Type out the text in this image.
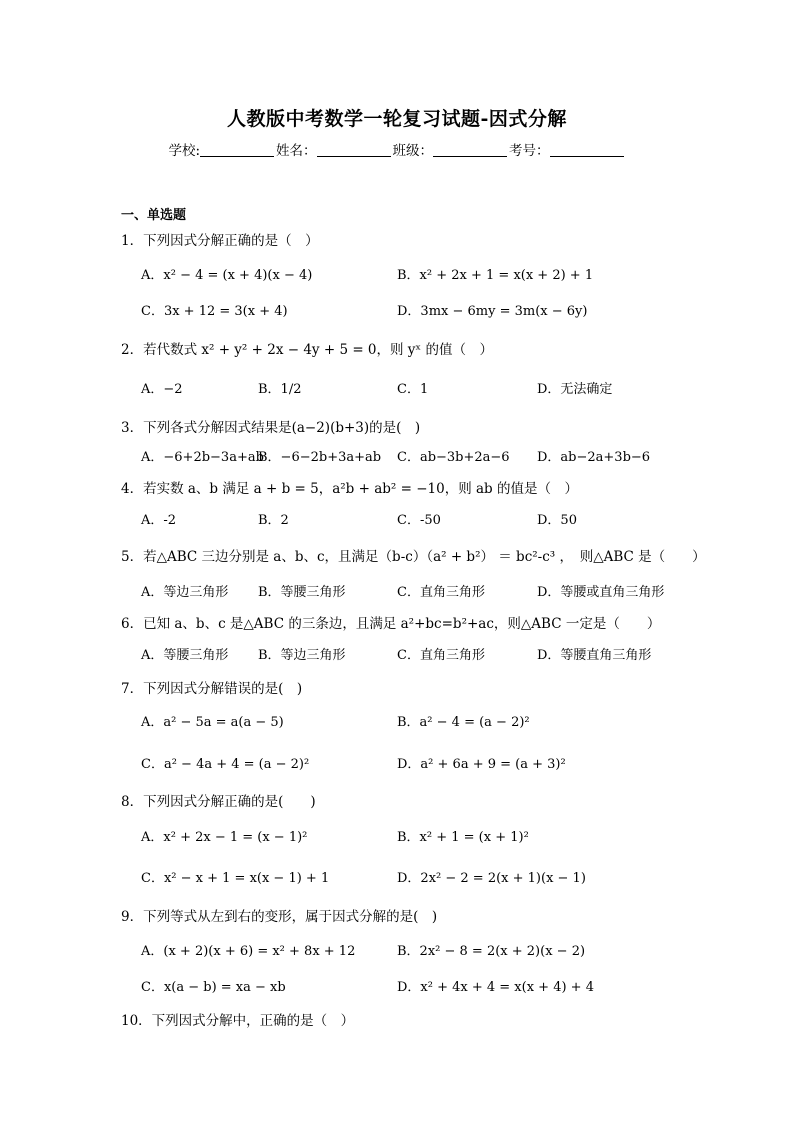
人教版中考数学一轮复习试题-因式分解
学校:	姓名：	班级：	考号：
一、单选题
1．下列因式分解正确的是（　）
A．x² − 4 = (x + 4)(x − 4)	B．x² + 2x + 1 = x(x + 2) + 1
C．3x + 12 = 3(x + 4)	D．3mx − 6my = 3m(x − 6y)
2．若代数式 x² + y² + 2x − 4y + 5 = 0，则 yˣ 的值（　）
A．−2	B．1/2	C．1	D．无法确定
3．下列各式分解因式结果是(a−2)(b+3)的是(　)
A．−6+2b−3a+ab
B．−6−2b+3a+ab C．ab−3b+2a−6 D．ab−2a+3b−6
4．若实数 a、b 满足 a + b = 5，a²b + ab² = −10，则 ab 的值是（　）
A．-2	B．2	C．-50	D．50
5．若△ABC 三边分别是 a、b、c，且满足（b-c）（a² + b²） ＝ bc²-c³ ，　则△ABC 是（　　）
A．等边三角形 B．等腰三角形	C．直角三角形	D．等腰或直角三角形
6．已知 a、b、c 是△ABC 的三条边，且满足 a²+bc=b²+ac，则△ABC 一定是（　　）
A．等腰三角形 B．等边三角形	C．直角三角形	D．等腰直角三角形
7．下列因式分解错误的是(　)
A．a² − 5a = a(a − 5)	B．a² − 4 = (a − 2)²
C．a² − 4a + 4 = (a − 2)²	D．a² + 6a + 9 = (a + 3)²
8．下列因式分解正确的是(　　)
A．x² + 2x − 1 = (x − 1)²	B．x² + 1 = (x + 1)²
C．x² − x + 1 = x(x − 1) + 1	D．2x² − 2 = 2(x + 1)(x − 1)
9．下列等式从左到右的变形，属于因式分解的是(　)
A．(x + 2)(x + 6) = x² + 8x + 12	B．2x² − 8 = 2(x + 2)(x − 2)
C．x(a − b) = xa − xb	D．x² + 4x + 4 = x(x + 4) + 4
10．下列因式分解中，正确的是（　）
